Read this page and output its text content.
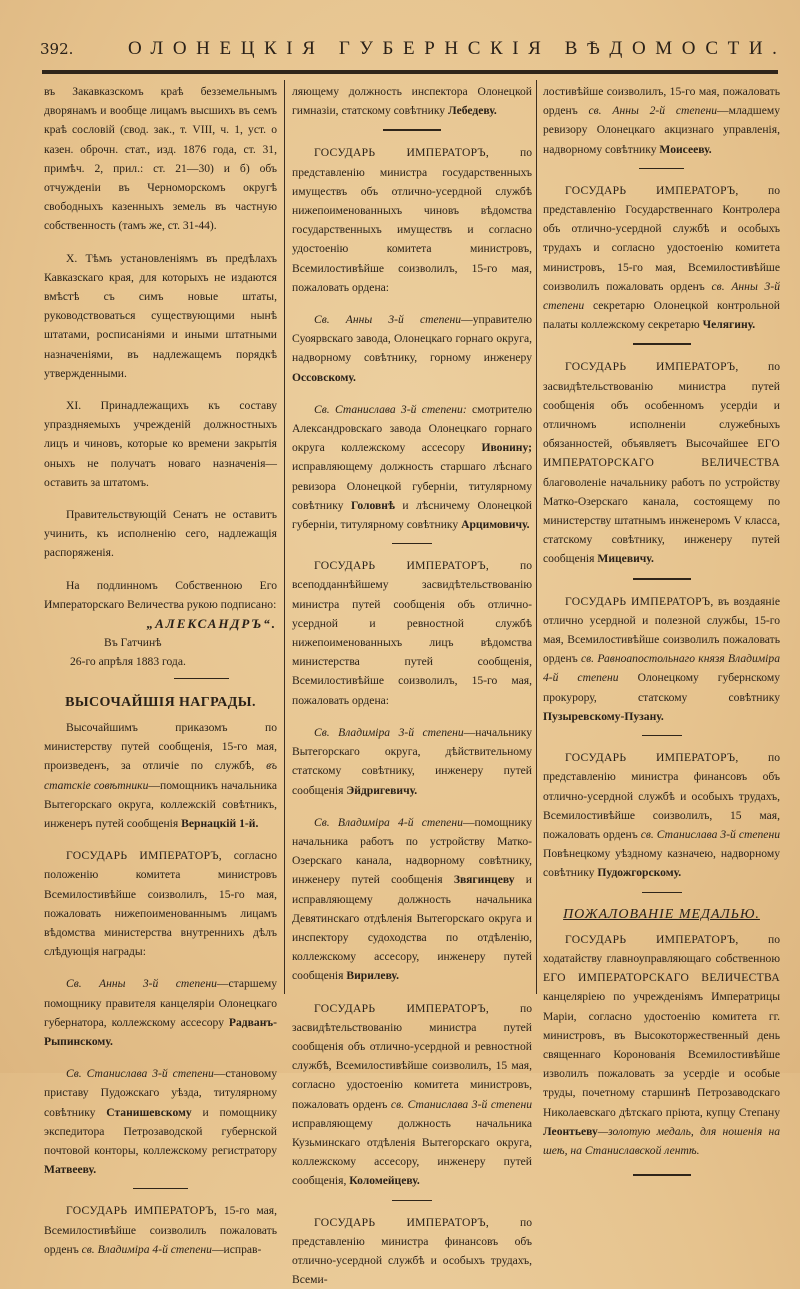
392.	ОЛОНЕЦКІЯ ГУБЕРНСКІЯ ВѢДОМОСТИ.

въ Закавказскомъ краѣ безземельнымъ дворянамъ и вообще лицамъ высшихъ въ семъ краѣ сословій (свод. зак., т. VIII, ч. 1, уст. о казен. оброчн. стат., изд. 1876 года, ст. 31, примѣч. 2, прил.: ст. 21—30) и б) объ отчужденіи въ Черноморскомъ округѣ свободныхъ казенныхъ земель въ частную собственность (тамъ же, ст. 31-44).

X. Тѣмъ установленіямъ въ предѣлахъ Кавказскаго края, для которыхъ не издаются вмѣстѣ съ симъ новые штаты, руководствоваться существующими нынѣ штатами, росписаніями и иными штатными назначеніями, въ надлежащемъ порядкѣ утвержденными.

XI. Принадлежащихъ къ составу упраздняемыхъ учрежденій должностныхъ лицъ и чиновъ, которые ко времени закрытія оныхъ не получатъ новаго назначенія—оставить за штатомъ.

Правительствующій Сенатъ не оставитъ учинить, къ исполненію сего, надлежащія распоряженія.

На подлинномъ Собственною Его Императорскаго Величества рукою подписано:

„АЛЕКСАНДРЪ“.

Въ Гатчинѣ

26-го апрѣля 1883 года.

ВЫСОЧАЙШІЯ НАГРАДЫ.

Высочайшимъ приказомъ по министерству путей сообщенія, 15-го мая, произведенъ, за отличіе по службѣ, въ статскіе совѣтники—помощникъ начальника Вытегорскаго округа, коллежскій совѣтникъ, инженеръ путей сообщенія Вернацкій 1-й.

ГОСУДАРЬ ИМПЕРАТОРЪ, согласно положенію комитета министровъ Всемилостивѣйше соизволилъ, 15-го мая, пожаловать нижепоименованнымъ лицамъ вѣдомства министерства внутреннихъ дѣлъ слѣдующія награды:

Св. Анны 3-й степени—старшему помощнику правителя канцеляріи Олонецкаго губернатора, коллежскому ассесору Радванъ-Рыпинскому.

Св. Станислава 3-й степени—становому приставу Пудожскаго уѣзда, титулярному совѣтнику Станишевскому и помощнику экспедитора Петрозаводской губернской почтовой конторы, коллежскому регистратору Матвееву.

ГОСУДАРЬ ИМПЕРАТОРЪ, 15-го мая, Всемилостивѣйше соизволилъ пожаловать орденъ св. Владиміра 4-й степени—исправ-

ляющему должность инспектора Олонецкой гимназіи, статскому совѣтнику Лебедеву.

ГОСУДАРЬ ИМПЕРАТОРЪ, по представленію министра государственныхъ имуществъ объ отлично-усердной службѣ нижепоименованныхъ чиновъ вѣдомства государственныхъ имуществъ и согласно удостоенію комитета министровъ, Всемилостивѣйше соизволилъ, 15-го мая, пожаловать ордена:

Св. Анны 3-й степени—управителю Суоярвскаго завода, Олонецкаго горнаго округа, надворному совѣтнику, горному инженеру Оссовскому.

Св. Станислава 3-й степени: смотрителю Александровскаго завода Олонецкаго горнаго округа коллежскому ассесору Ивонину; исправляющему должность старшаго лѣснаго ревизора Олонецкой губерніи, титулярному совѣтнику Головнѣ и лѣсничему Олонецкой губерніи, титулярному совѣтнику Арцимовичу.

ГОСУДАРЬ ИМПЕРАТОРЪ, по всеподданнѣйшему засвидѣтельствованію министра путей сообщенія объ отлично-усердной и ревностной службѣ нижепоименованныхъ лицъ вѣдомства министерства путей сообщенія, Всемилостивѣйше соизволилъ, 15-го мая, пожаловать ордена:

Св. Владиміра 3-й степени—начальнику Вытегорскаго округа, дѣйствительному статскому совѣтнику, инженеру путей сообщенія Эйдригевичу.

Св. Владиміра 4-й степени—помощнику начальника работъ по устройству Матко-Озерскаго канала, надворному совѣтнику, инженеру путей сообщенія Звягинцеву и исправляющему должность начальника Девятинскаго отдѣленія Вытегорскаго округа и инспектору судоходства по отдѣленію, коллежскому ассесору, инженеру путей сообщенія Вирилеву.

ГОСУДАРЬ ИМПЕРАТОРЪ, по засвидѣтельствованію министра путей сообщенія объ отлично-усердной и ревностной службѣ, Всемилостивѣйше соизволилъ, 15 мая, согласно удостоенію комитета министровъ, пожаловать орденъ св. Станислава 3-й степени исправляющему должность начальника Кузьминскаго отдѣленія Вытегорскаго округа, коллежскому ассесору, инженеру путей сообщенія, Коломейцеву.

ГОСУДАРЬ ИМПЕРАТОРЪ, по представленію министра финансовъ объ отлично-усердной службѣ и особыхъ трудахъ, Всеми-

лостивѣйше соизволилъ, 15-го мая, пожаловать орденъ св. Анны 2-й степени—младшему ревизору Олонецкаго акцизнаго управленія, надворному совѣтнику Моисееву.

ГОСУДАРЬ ИМПЕРАТОРЪ, по представленію Государственнаго Контролера объ отлично-усердной службѣ и особыхъ трудахъ и согласно удостоенію комитета министровъ, 15-го мая, Всемилостивѣйше соизволилъ пожаловать орденъ св. Анны 3-й степени секретарю Олонецкой контрольной палаты коллежскому секретарю Челягину.

ГОСУДАРЬ ИМПЕРАТОРЪ, по засвидѣтельствованію министра путей сообщенія объ особенномъ усердіи и отличномъ исполненіи служебныхъ обязанностей, объявляетъ Высочайшее ЕГО ИМПЕРАТОРСКАГО ВЕЛИЧЕСТВА благоволеніе начальнику работъ по устройству Матко-Озерскаго канала, состоящему по министерству штатнымъ инженеромъ V класса, статскому совѣтнику, инженеру путей сообщенія Мицевичу.

ГОСУДАРЬ ИМПЕРАТОРЪ, въ воздаяніе отлично усердной и полезной службы, 15-го мая, Всемилостивѣйше соизволилъ пожаловать орденъ св. Равноапостольнаго князя Владиміра 4-й степени Олонецкому губернскому прокурору, статскому совѣтнику Пузыревскому-Пузану.

ГОСУДАРЬ ИМПЕРАТОРЪ, по представленію министра финансовъ объ отлично-усердной службѣ и особыхъ трудахъ, Всемилостивѣйше соизволилъ, 15 мая, пожаловать орденъ св. Станислава 3-й степени Повѣнецкому уѣздному казначею, надворному совѣтнику Пудожгорскому.

ПОЖАЛОВАНІЕ МЕДАЛЬЮ.

ГОСУДАРЬ ИМПЕРАТОРЪ, по ходатайству главноуправляющаго собственною ЕГО ИМПЕРАТОРСКАГО ВЕЛИЧЕСТВА канцеляріею по учрежденіямъ Императрицы Маріи, согласно удостоенію комитета гг. министровъ, въ Высокоторжественный день священнаго Коронованія Всемилостивѣйше изволилъ пожаловать за усердіе и особые труды, почетному старшинѣ Петрозаводскаго Николаевскаго дѣтскаго пріюта, купцу Степану Леонтьеву—золотую медаль, для ношенія на шеѣ, на Станиславской лентѣ.
